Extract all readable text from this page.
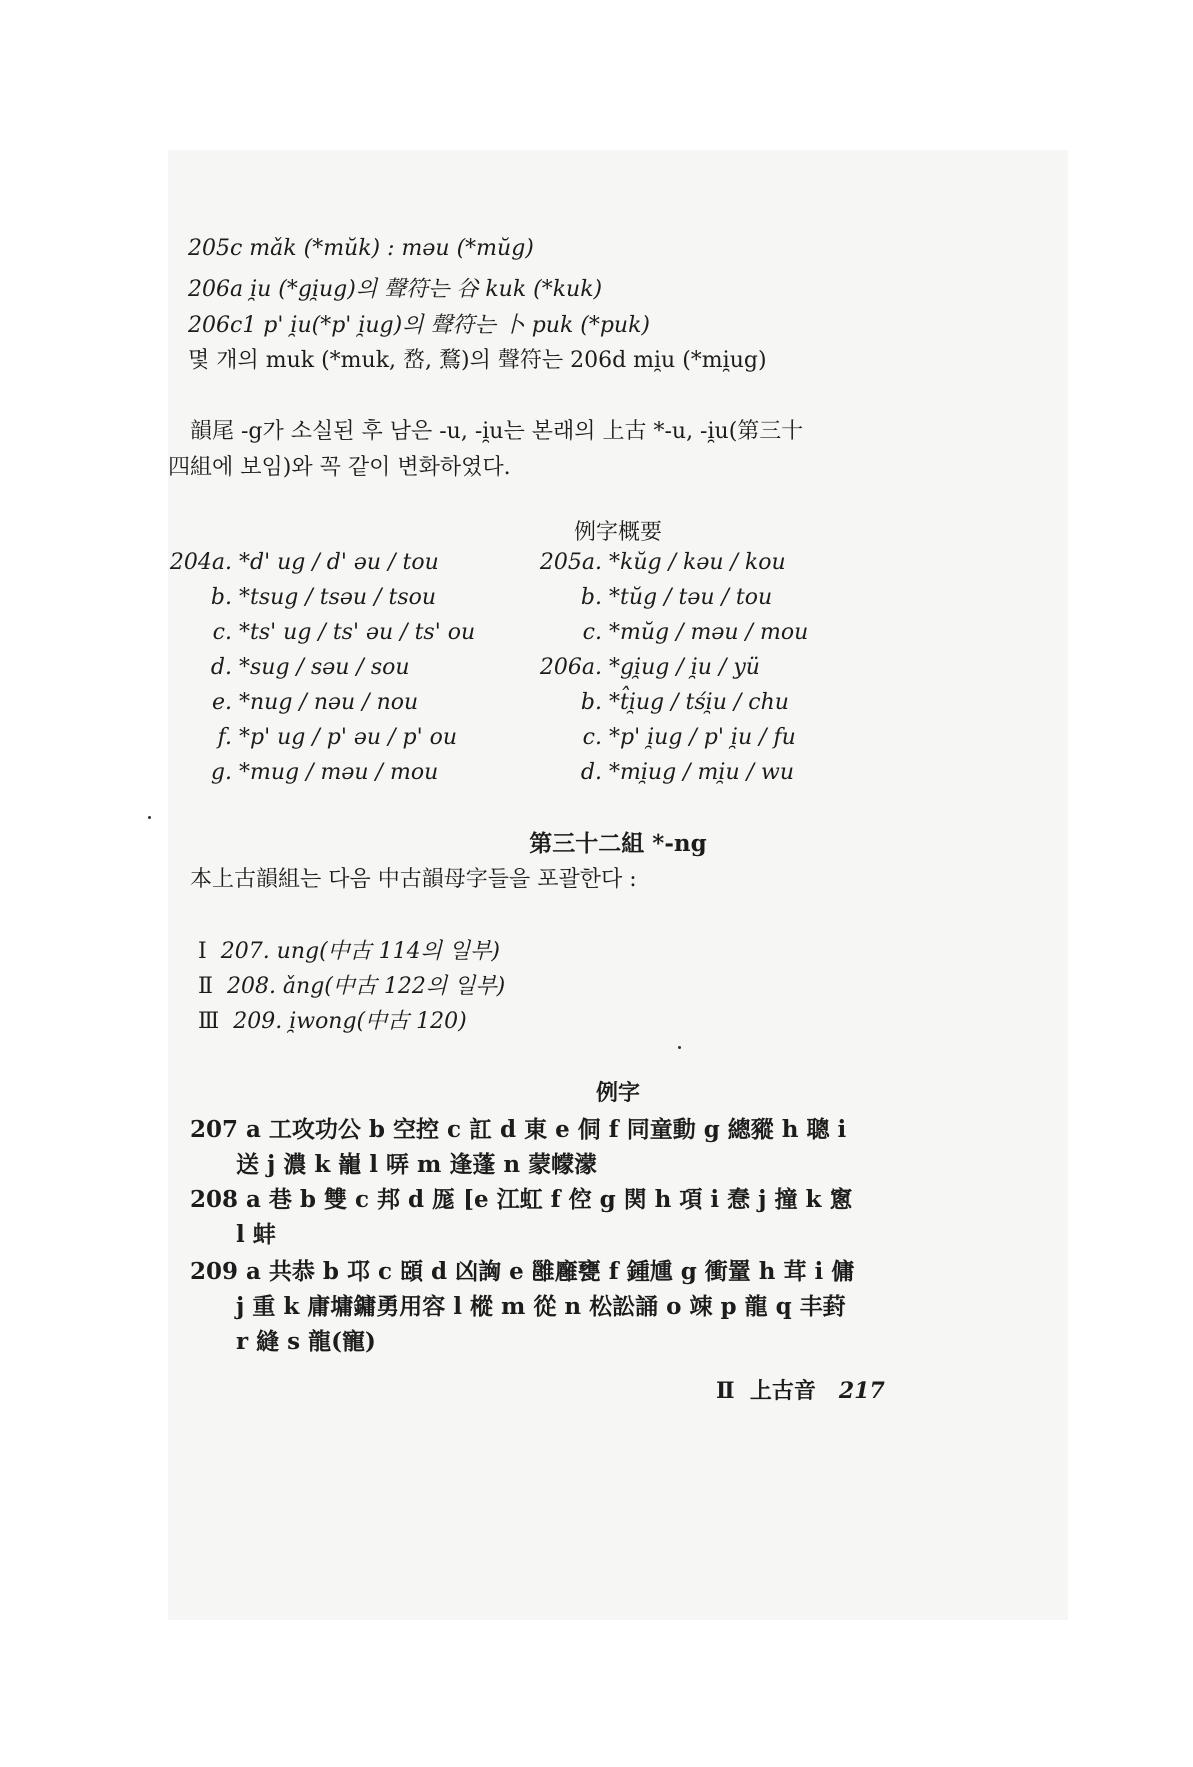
205c mǎk (*mŭk) : mǝu (*mŭg)
206a i̯u (*gi̯ug)의 聲符는 谷 kuk (*kuk)
206c1 p' i̯u(*p' i̯ug)의 聲符는 卜 puk (*puk)
몇 개의 muk (*muk, 嵍, 鶩)의 聲符는 206d mi̯u (*mi̯ug)
韻尾 -g가 소실된 후 남은 -u, -i̯u는 본래의 上古 *-u, -i̯u(第三十
四組에 보임)와 꼭 같이 변화하였다.
例字概要
204a. *d' ug / d' ǝu / tou
b. *tsug / tsǝu / tsou
c. *ts' ug / ts' ǝu / ts' ou
d. *sug / sǝu / sou
e. *nug / nǝu / nou
f. *p' ug / p' ǝu / p' ou
g. *mug / mǝu / mou
205a. *kŭg / kǝu / kou
b. *tŭg / tǝu / tou
c. *mŭg / mǝu / mou
206a. *gi̯ug / i̯u / yü
b. *t̂i̯ug / tśi̯u / chu
c. *p' i̯ug / p' i̯u / fu
d. *mi̯ug / mi̯u / wu
第三十二組 *-ng
本上古韻組는 다음 中古韻母字들을 포괄한다 :
Ⅰ 207. ung(中古 114의 일부)
Ⅱ 208. ǎng(中古 122의 일부)
Ⅲ 209. i̯wong(中古 120)
例字
207 a 工攻功公 b 空控 c 訌 d 東 e 侗 f 同童動 g 總豵 h 聰 i
送 j 濃 k 巃 l 哢 m 逢蓬 n 蒙幪濛
208 a 巷 b 雙 c 邦 d 厖 [e 江虹 f 倥 g 関 h 項 i 惷 j 撞 k 窻
l 蚌
209 a 共恭 b 邛 c 頣 d 凶詾 e 雝廱甕 f 鍾尰 g 衝罿 h 茸 i 傭
j 重 k 庸墉鏞勇用容 l 樅 m 從 n 松訟誦 o 竦 p 龍 q 丰葑
r 縫 s 龍(寵)
Ⅱ 上古音 217
